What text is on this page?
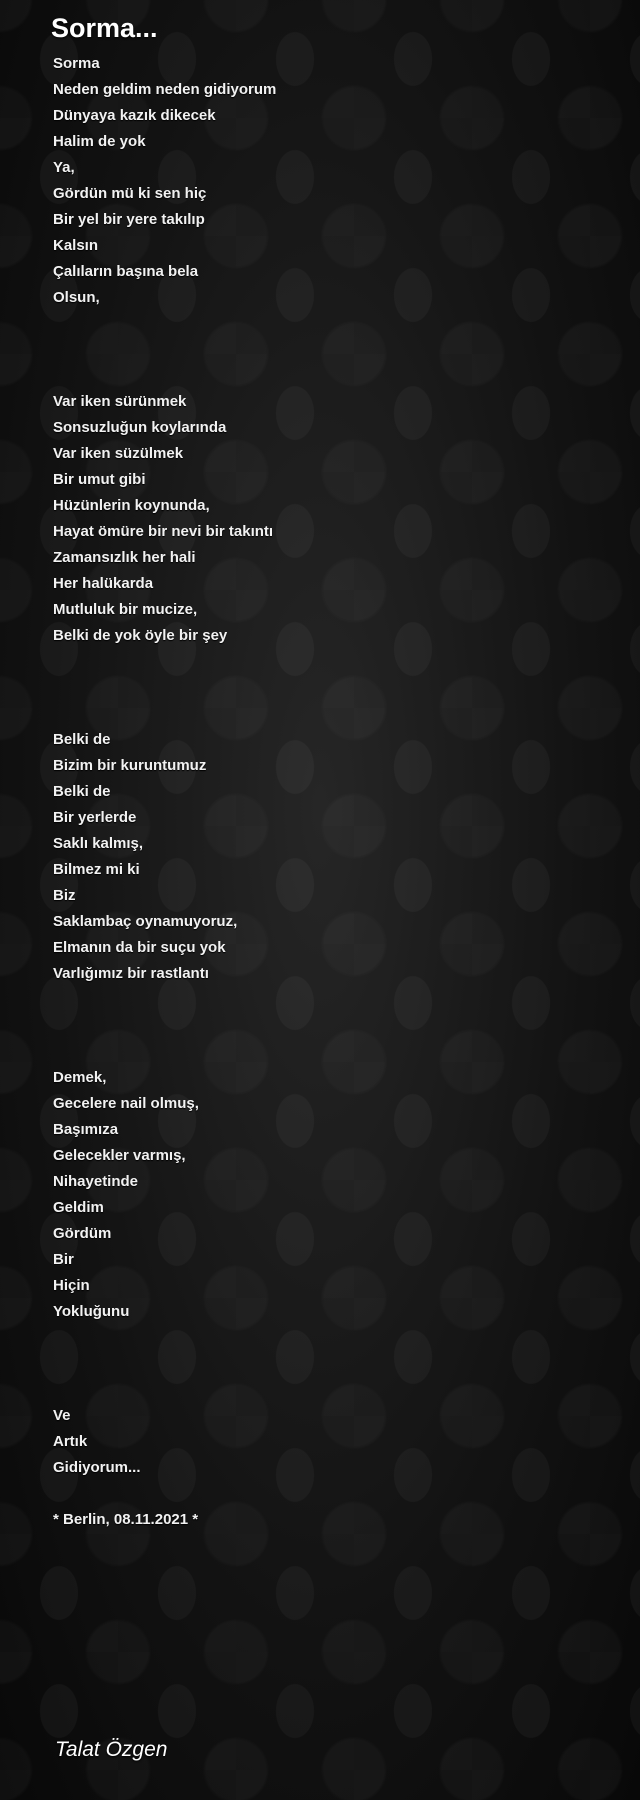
Sorma...
Sorma
Neden geldim neden gidiyorum
Dünyaya kazık dikecek
Halim de yok
Ya,
Gördün mü ki sen hiç
Bir yel bir yere takılıp
Kalsın
Çalıların başına bela
Olsun,
Var iken sürünmek
Sonsuzluğun koylarında
Var iken süzülmek
Bir umut gibi
Hüzünlerin koynunda,
Hayat ömüre bir nevi bir takıntı
Zamansızlık her hali
Her halükarda
Mutluluk bir mucize,
Belki de yok öyle bir şey
Belki de
Bizim bir kuruntumuz
Belki de
Bir yerlerde
Saklı kalmış,
Bilmez mi ki
Biz
Saklambaç oynamuyoruz,
Elmanın da bir suçu yok
Varlığımız bir rastlantı
Demek,
Gecelere nail olmuş,
Başımıza
Gelecekler varmış,
Nihayetinde
Geldim
Gördüm
Bir
Hiçin
Yokluğunu
Ve
Artık
Gidiyorum...
* Berlin, 08.11.2021 *
Talat Özgen
